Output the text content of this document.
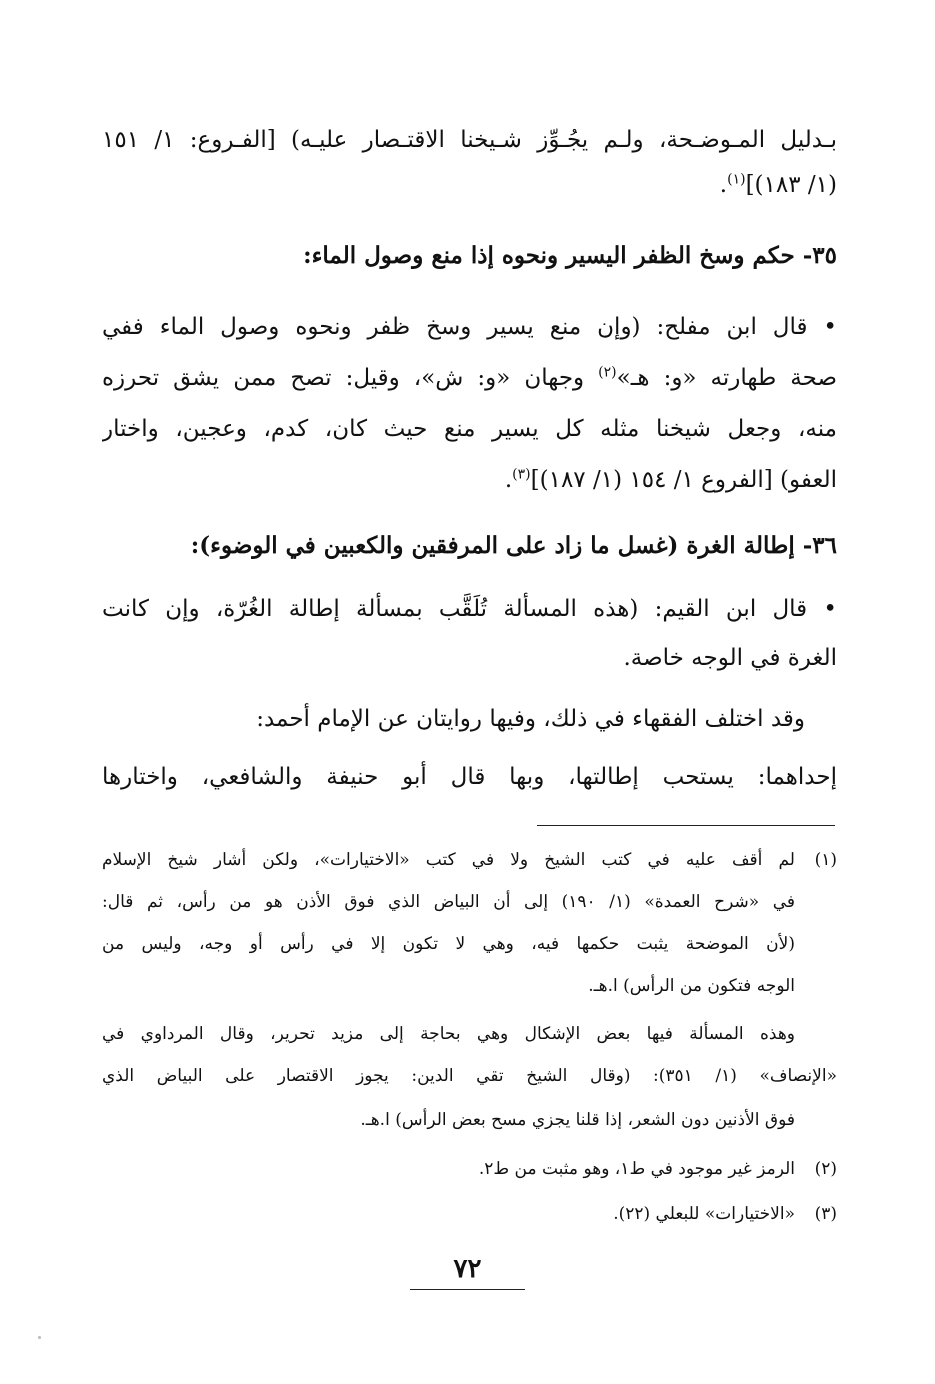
بـدليل المـوضـحة، ولـم يجُـوِّز شـيخنا الاقتـصار عليـه) [الفـروع: ١/ ١٥١
(١/ ١٨٣)]$^{(١)}$.
٣٥- حكم وسخ الظفر اليسير ونحوه إذا منع وصول الماء:
• قال ابن مفلح: (وإن منع يسير وسخ ظفر ونحوه وصول الماء ففي
صحة طهارته «و: هـ»$^{(٢)}$ وجهان «و: ش»، وقيل: تصح ممن يشق تحرزه
منه، وجعل شيخنا مثله كل يسير منع حيث كان، كدم، وعجين، واختار
العفو) [الفروع ١/ ١٥٤ (١/ ١٨٧)]$^{(٣)}$.
٣٦- إطالة الغرة (غسل ما زاد على المرفقين والكعبين في الوضوء):
• قال ابن القيم: (هذه المسألة تُلَقَّب بمسألة إطالة الغُرّة، وإن كانت
الغرة في الوجه خاصة.
وقد اختلف الفقهاء في ذلك، وفيها روايتان عن الإمام أحمد:
إحداهما: يستحب إطالتها، وبها قال أبو حنيفة والشافعي، واختارها
(١)
لم أقف عليه في كتب الشيخ ولا في كتب «الاختيارات»، ولكن أشار شيخ الإسلام
في «شرح العمدة» (١/ ١٩٠) إلى أن البياض الذي فوق الأذن هو من رأس، ثم قال:
(لأن الموضحة يثبت حكمها فيه، وهي لا تكون إلا في رأس أو وجه، وليس من
الوجه فتكون من الرأس) ا.هـ.
وهذه المسألة فيها بعض الإشكال وهي بحاجة إلى مزيد تحرير، وقال المرداوي في
«الإنصاف» (١/ ٣٥١): (وقال الشيخ تقي الدين: يجوز الاقتصار على البياض الذي
فوق الأذنين دون الشعر، إذا قلنا يجزي مسح بعض الرأس) ا.هـ.
(٢)
الرمز غير موجود في ط١، وهو مثبت من ط٢.
(٣)
«الاختيارات» للبعلي (٢٢).
٧٢
